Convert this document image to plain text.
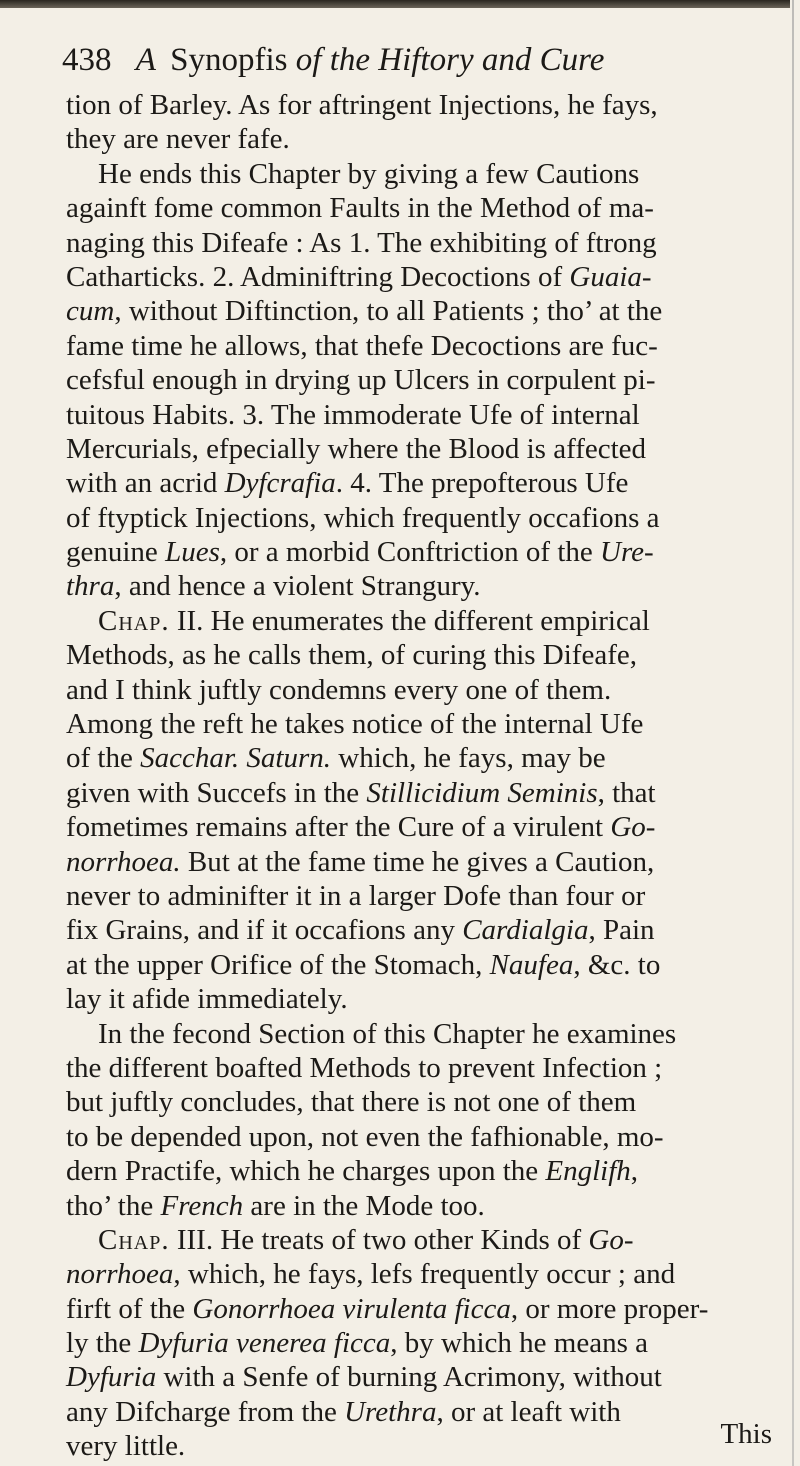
438 A Synopfis of the Hiftory and Cure
tion of Barley. As for aftringent Injections, he fays,
they are never fafe.
He ends this Chapter by giving a few Cautions
againft fome common Faults in the Method of ma-
naging this Difeafe : As 1. The exhibiting of ftrong
Catharticks. 2. Adminiftring Decoctions of Guaia-
cum, without Diftinction, to all Patients ; tho’ at the
fame time he allows, that thefe Decoctions are fuc-
cefsful enough in drying up Ulcers in corpulent pi-
tuitous Habits. 3. The immoderate Ufe of internal
Mercurials, efpecially where the Blood is affected
with an acrid Dyfcrafia. 4. The prepofterous Ufe
of ftyptick Injections, which frequently occafions a
genuine Lues, or a morbid Conftriction of the Ure-
thra, and hence a violent Strangury.
Chap. II. He enumerates the different empirical
Methods, as he calls them, of curing this Difeafe,
and I think juftly condemns every one of them.
Among the reft he takes notice of the internal Ufe
of the Sacchar. Saturn. which, he fays, may be
given with Succefs in the Stillicidium Seminis, that
fometimes remains after the Cure of a virulent Go-
norrhoea. But at the fame time he gives a Caution,
never to adminifter it in a larger Dofe than four or
fix Grains, and if it occafions any Cardialgia, Pain
at the upper Orifice of the Stomach, Naufea, &c. to
lay it afide immediately.
In the fecond Section of this Chapter he examines
the different boafted Methods to prevent Infection ;
but juftly concludes, that there is not one of them
to be depended upon, not even the fafhionable, mo-
dern Practife, which he charges upon the Englifh,
tho’ the French are in the Mode too.
Chap. III. He treats of two other Kinds of Go-
norrhoea, which, he fays, lefs frequently occur ; and
firft of the Gonorrhoea virulenta ficca, or more proper-
ly the Dyfuria venerea ficca, by which he means a
Dyfuria with a Senfe of burning Acrimony, without
any Difcharge from the Urethra, or at leaft with
very little.	This
